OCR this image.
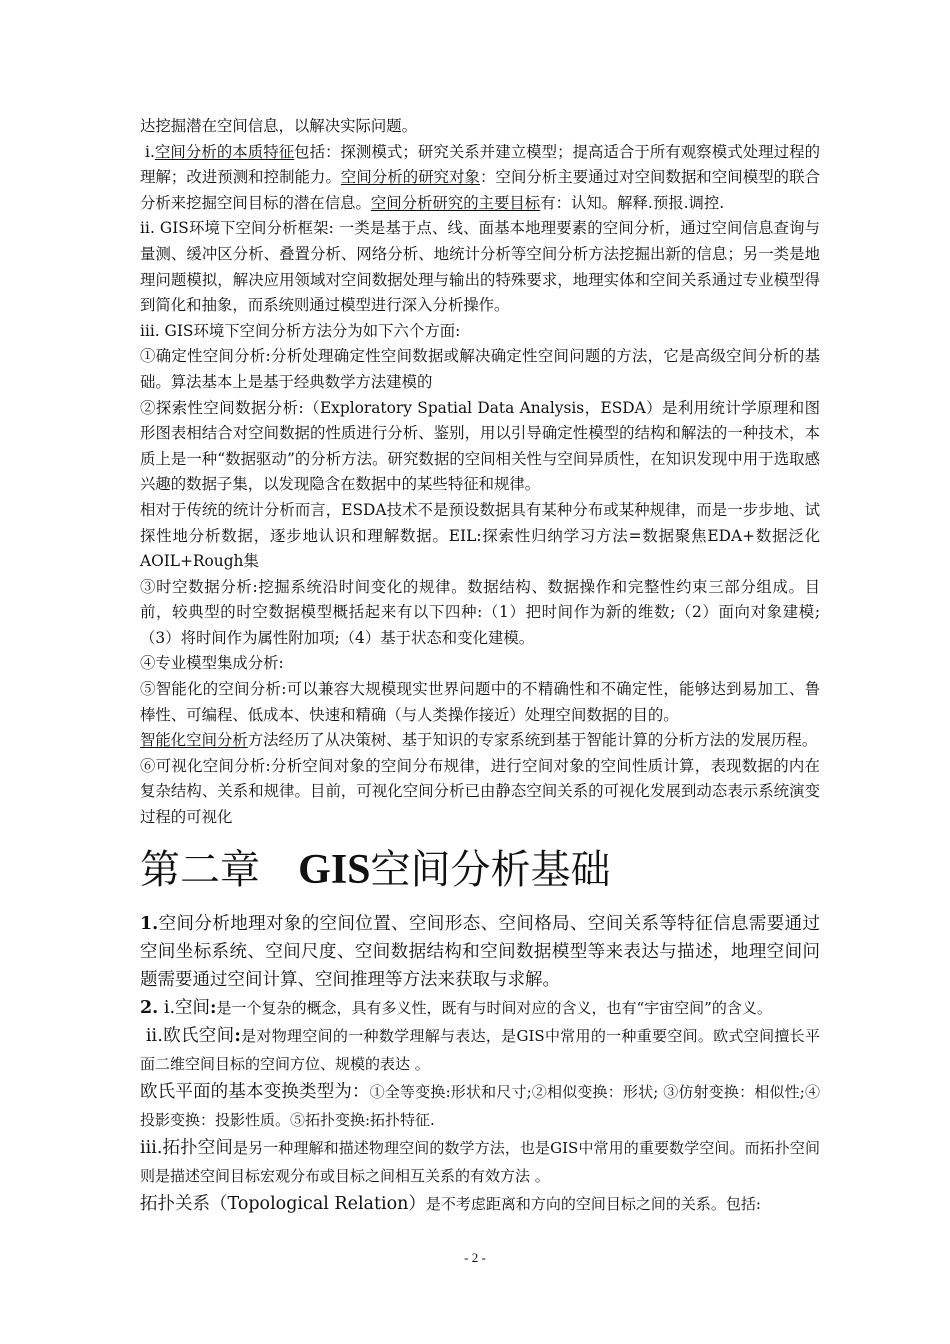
达挖掘潜在空间信息，以解决实际问题。

ⅰ.空间分析的本质特征包括：探测模式；研究关系并建立模型；提高适合于所有观察模式处理过程的理解；改进预测和控制能力。空间分析的研究对象：空间分析主要通过对空间数据和空间模型的联合分析来挖掘空间目标的潜在信息。空间分析研究的主要目标有：认知。解释.预报.调控.

ⅱ. GIS环境下空间分析框架: 一类是基于点、线、面基本地理要素的空间分析，通过空间信息查询与量测、缓冲区分析、叠置分析、网络分析、地统计分析等空间分析方法挖掘出新的信息；另一类是地理问题模拟，解决应用领域对空间数据处理与输出的特殊要求，地理实体和空间关系通过专业模型得到简化和抽象，而系统则通过模型进行深入分析操作。

ⅲ. GIS环境下空间分析方法分为如下六个方面:

①确定性空间分析:分析处理确定性空间数据或解决确定性空间问题的方法，它是高级空间分析的基础。算法基本上是基于经典数学方法建模的

②探索性空间数据分析:（Exploratory Spatial Data Analysis，ESDA）是利用统计学原理和图形图表相结合对空间数据的性质进行分析、鉴别，用以引导确定性模型的结构和解法的一种技术，本质上是一种“数据驱动”的分析方法。研究数据的空间相关性与空间异质性，在知识发现中用于选取感兴趣的数据子集，以发现隐含在数据中的某些特征和规律。

相对于传统的统计分析而言，ESDA技术不是预设数据具有某种分布或某种规律，而是一步步地、试探性地分析数据，逐步地认识和理解数据。EIL:探索性归纳学习方法=数据聚焦EDA+数据泛化AOIL+Rough集

③时空数据分析:挖掘系统沿时间变化的规律。数据结构、数据操作和完整性约束三部分组成。目前，较典型的时空数据模型概括起来有以下四种:（1）把时间作为新的维数;（2）面向对象建模;（3）将时间作为属性附加项;（4）基于状态和变化建模。

④专业模型集成分析:

⑤智能化的空间分析:可以兼容大规模现实世界问题中的不精确性和不确定性，能够达到易加工、鲁棒性、可编程、低成本、快速和精确（与人类操作接近）处理空间数据的目的。

智能化空间分析方法经历了从决策树、基于知识的专家系统到基于智能计算的分析方法的发展历程。

⑥可视化空间分析:分析空间对象的空间分布规律，进行空间对象的空间性质计算，表现数据的内在复杂结构、关系和规律。目前，可视化空间分析已由静态空间关系的可视化发展到动态表示系统演变过程的可视化

第二章 GIS空间分析基础

1.空间分析地理对象的空间位置、空间形态、空间格局、空间关系等特征信息需要通过空间坐标系统、空间尺度、空间数据结构和空间数据模型等来表达与描述，地理空间问题需要通过空间计算、空间推理等方法来获取与求解。

2. ⅰ.空间:是一个复杂的概念，具有多义性，既有与时间对应的含义，也有“宇宙空间”的含义。

ⅱ.欧氏空间:是对物理空间的一种数学理解与表达，是GIS中常用的一种重要空间。欧式空间擅长平面二维空间目标的空间方位、规模的表达 。

欧氏平面的基本变换类型为：①全等变换:形状和尺寸;②相似变换：形状; ③仿射变换：相似性;④投影变换：投影性质。⑤拓扑变换:拓扑特征.

ⅲ.拓扑空间是另一种理解和描述物理空间的数学方法，也是GIS中常用的重要数学空间。而拓扑空间则是描述空间目标宏观分布或目标之间相互关系的有效方法 。

拓扑关系（Topological Relation）是不考虑距离和方向的空间目标之间的关系。包括:

- 2 -
